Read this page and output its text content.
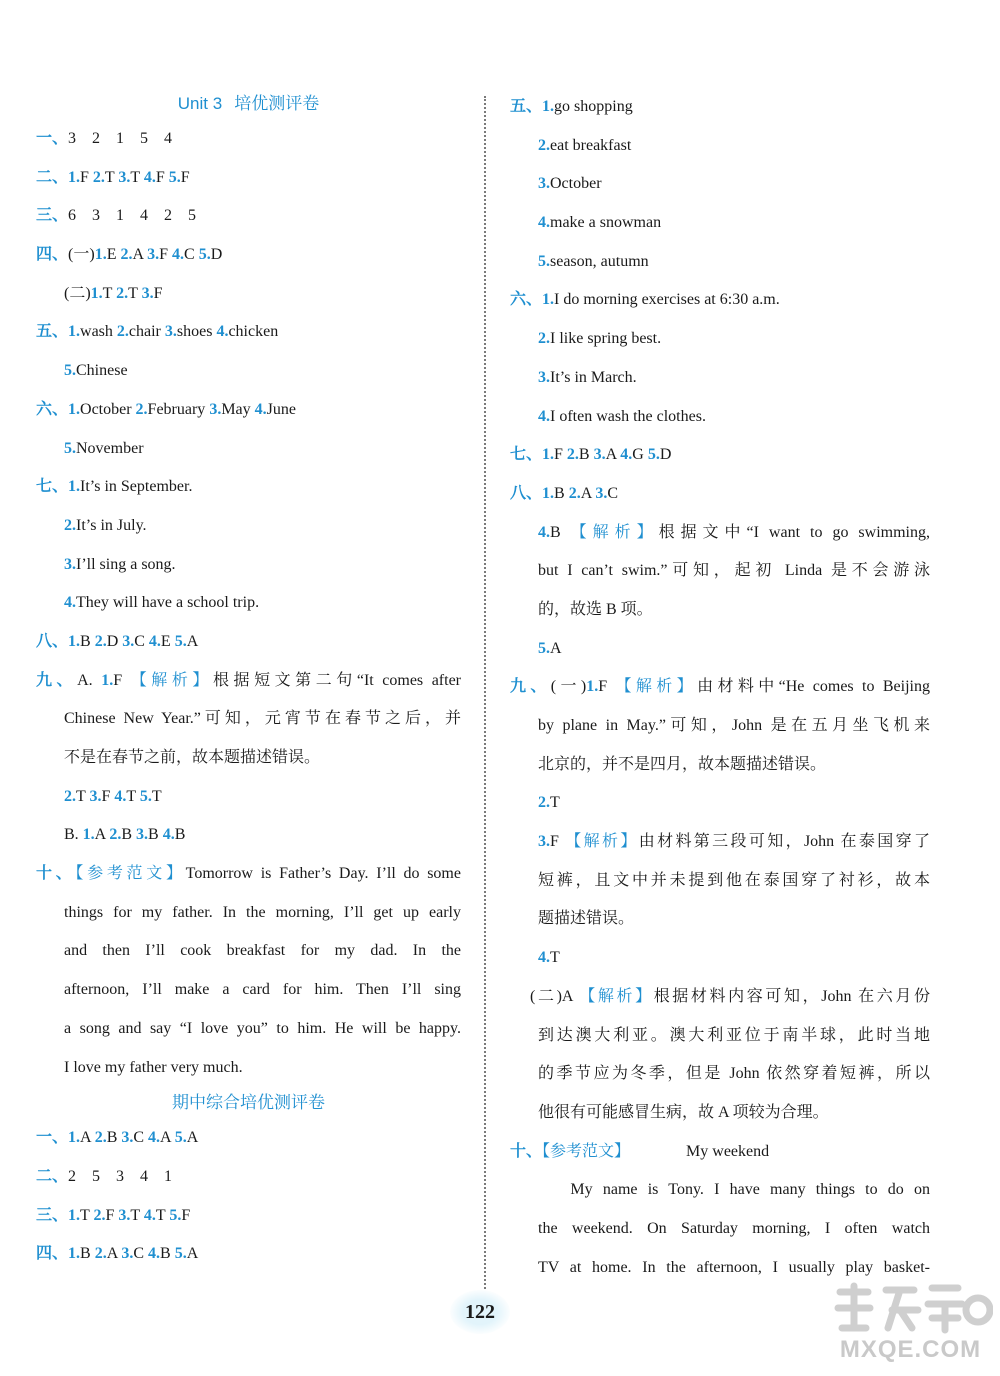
Unit 3 培优测评卷
一、3　2　1　5　4
二、1.F 2.T 3.T 4.F 5.F
三、6　3　1　4　2　5
四、(一)1.E 2.A 3.F 4.C 5.D
(二)1.T 2.T 3.F
五、1.wash 2.chair 3.shoes 4.chicken
5.Chinese
六、1.October 2.February 3.May 4.June
5.November
七、1.It’s in September.
2.It’s in July.
3.I’ll sing a song.
4.They will have a school trip.
八、1.B 2.D 3.C 4.E 5.A
九、A. 1.F 【解析】根据短文第二句“It comes after
Chinese New Year.”可知，元宵节在春节之后，并
不是在春节之前，故本题描述错误。
2.T 3.F 4.T 5.T
B. 1.A 2.B 3.B 4.B
十、【参考范文】Tomorrow is Father’s Day. I’ll do some
things for my father. In the morning, I’ll get up early
and then I’ll cook breakfast for my dad. In the
afternoon, I’ll make a card for him. Then I’ll sing
a song and say “I love you” to him. He will be happy.
I love my father very much.
期中综合培优测评卷
一、1.A 2.B 3.C 4.A 5.A
二、2　5　3　4　1
三、1.T 2.F 3.T 4.T 5.F
四、1.B 2.A 3.C 4.B 5.A
五、1.go shopping
2.eat breakfast
3.October
4.make a snowman
5.season, autumn
六、1.I do morning exercises at 6:30 a.m.
2.I like spring best.
3.It’s in March.
4.I often wash the clothes.
七、1.F 2.B 3.A 4.G 5.D
八、1.B 2.A 3.C
4.B 【解析】根据文中“I want to go swimming,
but I can’t swim.”可知，起初 Linda 是不会游泳
的，故选 B 项。
5.A
九、(一)1.F 【解析】由材料中“He comes to Beijing
by plane in May.”可知，John 是在五月坐飞机来
北京的，并不是四月，故本题描述错误。
2.T
3.F 【解析】由材料第三段可知，John 在泰国穿了
短裤，且文中并未提到他在泰国穿了衬衫，故本
题描述错误。
4.T
(二)A 【解析】根据材料内容可知，John 在六月份
到达澳大利亚。澳大利亚位于南半球，此时当地
的季节应为冬季，但是 John 依然穿着短裤，所以
他很有可能感冒生病，故 A 项较为合理。
十、【参考范文】　　　　My weekend
　 My name is Tony. I have many things to do on
the weekend. On Saturday morning, I often watch
TV at home. In the afternoon, I usually play basket-
122
MXQE.COM
